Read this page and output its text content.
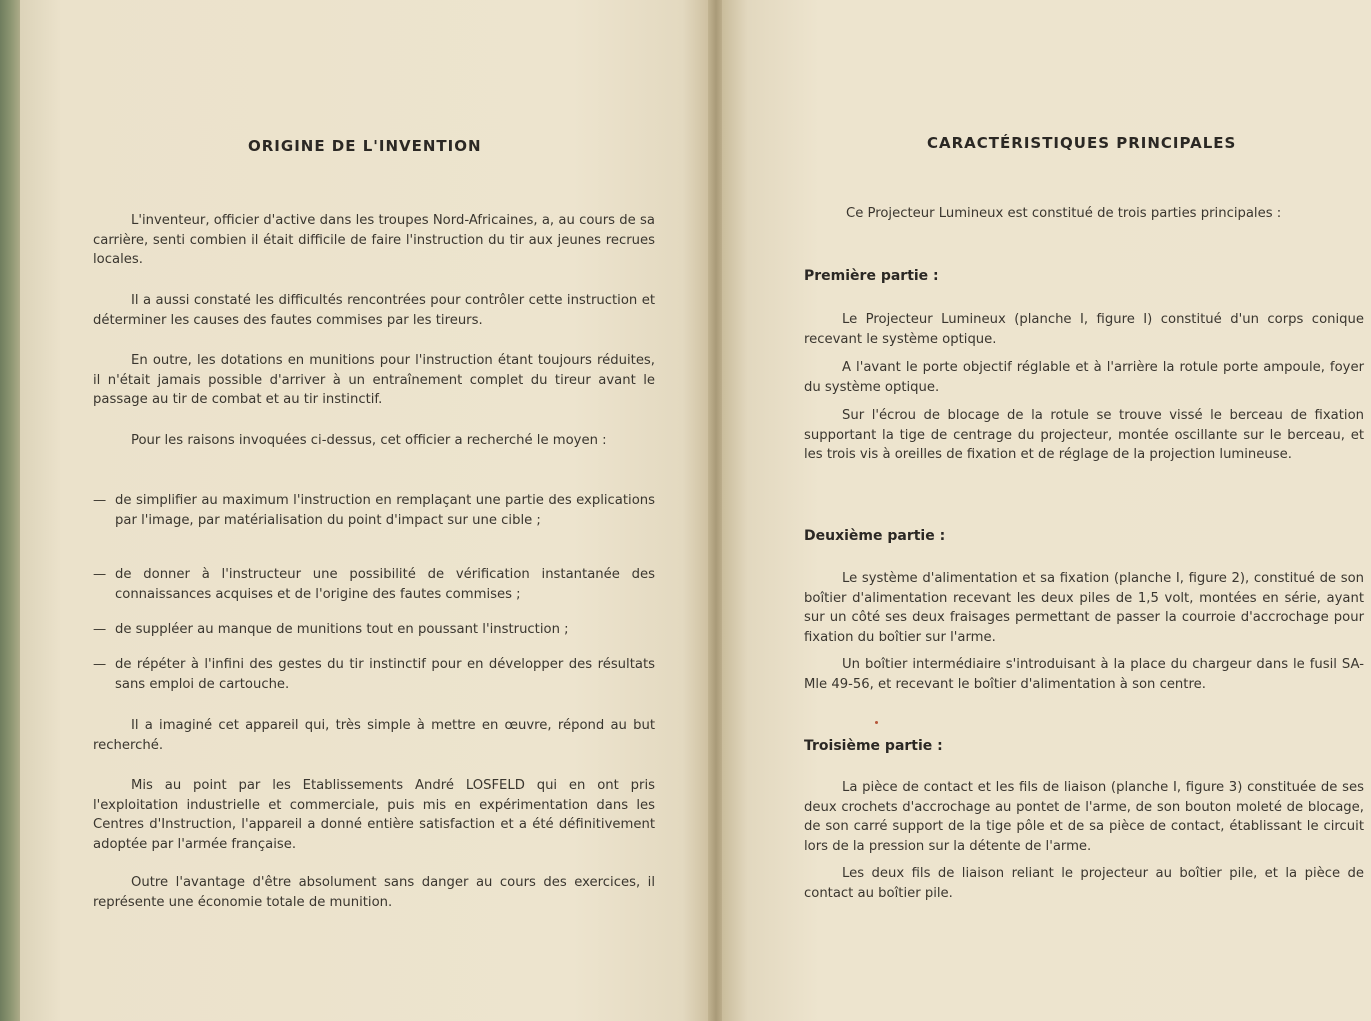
ORIGINE DE L'INVENTION

L'inventeur, officier d'active dans les troupes Nord-Africaines, a, au cours de sa carrière, senti combien il était difficile de faire l'instruction du tir aux jeunes recrues locales.

Il a aussi constaté les difficultés rencontrées pour contrôler cette instruction et déterminer les causes des fautes commises par les tireurs.

En outre, les dotations en munitions pour l'instruction étant toujours réduites, il n'était jamais possible d'arriver à un entraînement complet du tireur avant le passage au tir de combat et au tir instinctif.

Pour les raisons invoquées ci-dessus, cet officier a recherché le moyen :

— de simplifier au maximum l'instruction en remplaçant une partie des explications par l'image, par matérialisation du point d'impact sur une cible ;
— de donner à l'instructeur une possibilité de vérification instantanée des connaissances acquises et de l'origine des fautes commises ;
— de suppléer au manque de munitions tout en poussant l'instruction ;
— de répéter à l'infini des gestes du tir instinctif pour en développer des résultats sans emploi de cartouche.

Il a imaginé cet appareil qui, très simple à mettre en œuvre, répond au but recherché.

Mis au point par les Etablissements André LOSFELD qui en ont pris l'exploitation industrielle et commerciale, puis mis en expérimentation dans les Centres d'Instruction, l'appareil a donné entière satisfaction et a été définitivement adoptée par l'armée française.

Outre l'avantage d'être absolument sans danger au cours des exercices, il représente une économie totale de munition.

CARACTÉRISTIQUES PRINCIPALES

Ce Projecteur Lumineux est constitué de trois parties principales :

Première partie :

Le Projecteur Lumineux (planche I, figure I) constitué d'un corps conique recevant le système optique.

A l'avant le porte objectif réglable et à l'arrière la rotule porte ampoule, foyer du système optique.

Sur l'écrou de blocage de la rotule se trouve vissé le berceau de fixation supportant la tige de centrage du projecteur, montée oscillante sur le berceau, et les trois vis à oreilles de fixation et de réglage de la projection lumineuse.

Deuxième partie :

Le système d'alimentation et sa fixation (planche I, figure 2), constitué de son boîtier d'alimentation recevant les deux piles de 1,5 volt, montées en série, ayant sur un côté ses deux fraisages permettant de passer la courroie d'accrochage pour fixation du boîtier sur l'arme.

Un boîtier intermédiaire s'introduisant à la place du chargeur dans le fusil SA-Mle 49-56, et recevant le boîtier d'alimentation à son centre.

Troisième partie :

La pièce de contact et les fils de liaison (planche I, figure 3) constituée de ses deux crochets d'accrochage au pontet de l'arme, de son bouton moleté de blocage, de son carré support de la tige pôle et de sa pièce de contact, établissant le circuit lors de la pression sur la détente de l'arme.

Les deux fils de liaison reliant le projecteur au boîtier pile, et la pièce de contact au boîtier pile.
